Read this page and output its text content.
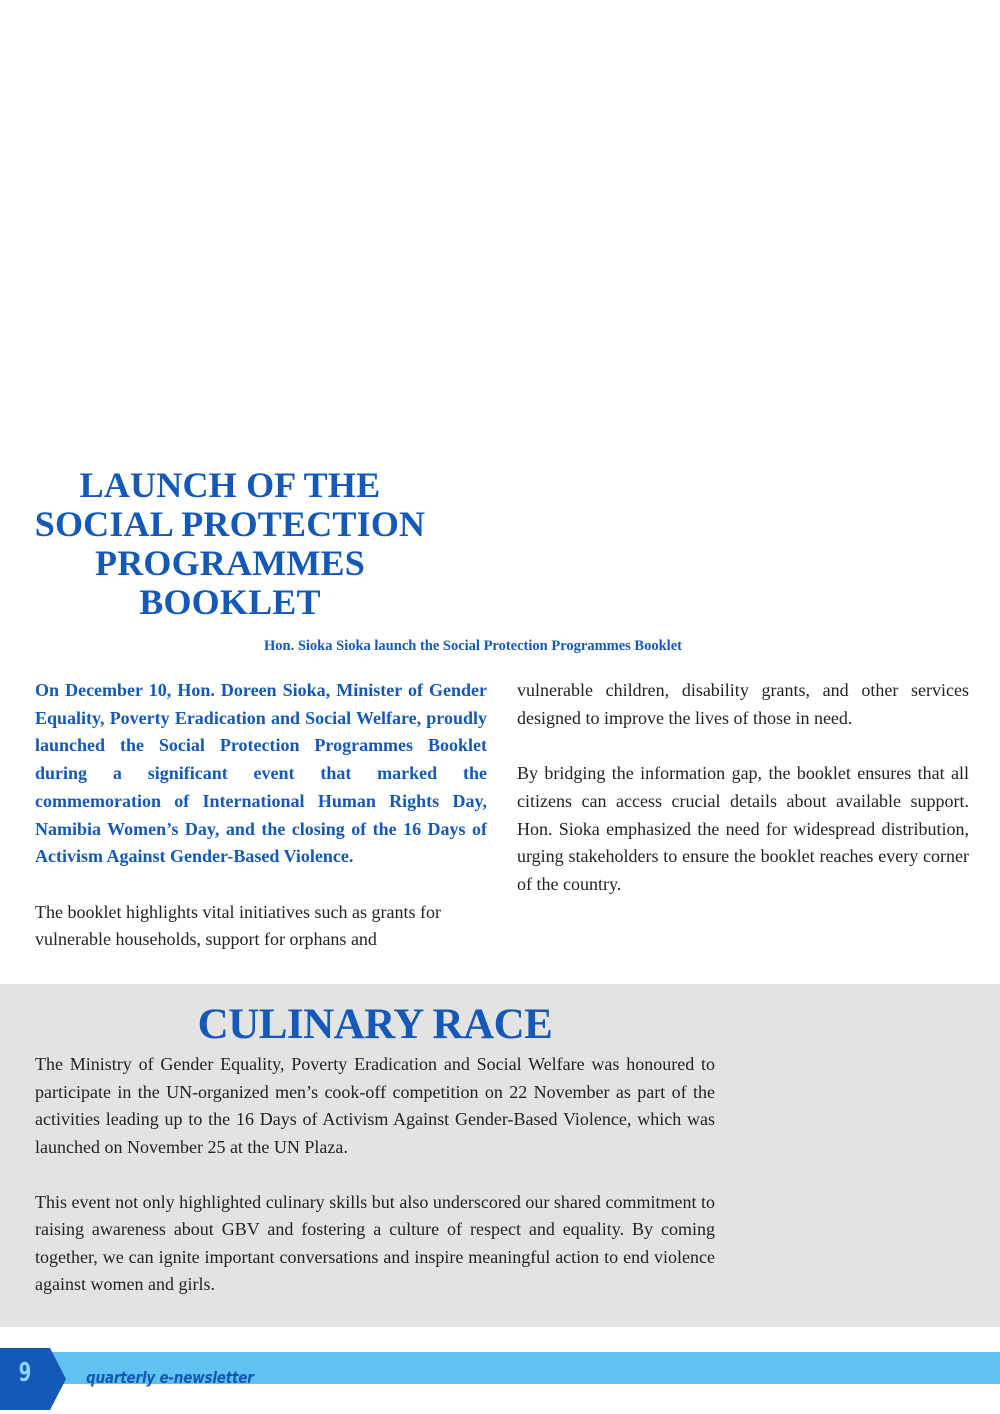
LAUNCH OF THE SOCIAL PROTECTION PROGRAMMES BOOKLET

Hon. Sioka Sioka launch the Social Protection Programmes Booklet

On December 10, Hon. Doreen Sioka, Minister of Gender Equality, Poverty Eradication and Social Welfare, proudly launched the Social Protection Programmes Booklet during a significant event that marked the commemoration of International Human Rights Day, Namibia Women’s Day, and the closing of the 16 Days of Activism Against Gender-Based Violence.

The booklet highlights vital initiatives such as grants for vulnerable households, support for orphans and

vulnerable children, disability grants, and other services designed to improve the lives of those in need.

By bridging the information gap, the booklet ensures that all citizens can access crucial details about available support. Hon. Sioka emphasized the need for widespread distribution, urging stakeholders to ensure the booklet reaches every corner of the country.

CULINARY RACE

The Ministry of Gender Equality, Poverty Eradication and Social Welfare was honoured to participate in the UN-organized men’s cook-off competition on 22 November as part of the activities leading up to the 16 Days of Activism Against Gender-Based Violence, which was launched on November 25 at the UN Plaza.

This event not only highlighted culinary skills but also underscored our shared commitment to raising awareness about GBV and fostering a culture of respect and equality. By coming together, we can ignite important conversations and inspire meaningful action to end violence against women and girls.

9	quarterly e-newsletter
